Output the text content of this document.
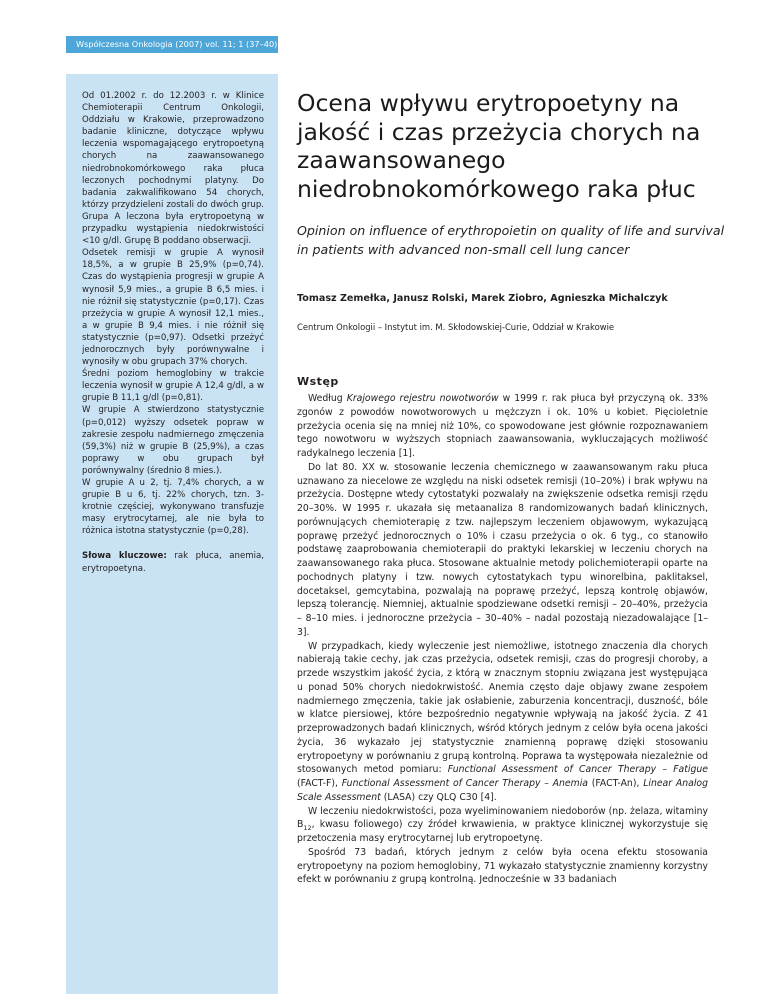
Współczesna Onkologia (2007) vol. 11; 1 (37–40)

Od 01.2002 r. do 12.2003 r. w Klinice Chemioterapii Centrum Onkologii, Oddziału w Krakowie, przeprowadzono badanie kliniczne, dotyczące wpływu leczenia wspomagającego erytropoetyną chorych na zaawansowanego niedrobnokomórkowego raka płuca leczonych pochodnymi platyny. Do badania zakwalifikowano 54 chorych, którzy przydzieleni zostali do dwóch grup. Grupa A leczona była erytropoetyną w przypadku wystąpienia niedokrwistości <10 g/dl. Grupę B poddano obserwacji.

Odsetek remisji w grupie A wynosił 18,5%, a w grupie B 25,9% (p=0,74). Czas do wystąpienia progresji w grupie A wynosił 5,9 mies., a grupie B 6,5 mies. i nie różnił się statystycznie (p=0,17). Czas przeżycia w grupie A wynosił 12,1 mies., a w grupie B 9,4 mies. i nie różnił się statystycznie (p=0,97). Odsetki przeżyć jednorocznych były porównywalne i wynosiły w obu grupach 37% chorych.

Średni poziom hemoglobiny w trakcie leczenia wynosił w grupie A 12,4 g/dl, a w grupie B 11,1 g/dl (p=0,81).

W grupie A stwierdzono statystycznie (p=0,012) wyższy odsetek popraw w zakresie zespołu nadmiernego zmęczenia (59,3%) niż w grupie B (25,9%), a czas poprawy w obu grupach był porównywalny (średnio 8 mies.).

W grupie A u 2, tj. 7,4% chorych, a w grupie B u 6, tj. 22% chorych, tzn. 3-krotnie częściej, wykonywano transfuzje masy erytrocytarnej, ale nie była to różnica istotna statystycznie (p=0,28).

Słowa kluczowe: rak płuca, anemia, erytropoetyna.

Ocena wpływu erytropoetyny na jakość i czas przeżycia chorych na zaawansowanego niedrobnokomórkowego raka płuc

Opinion on influence of erythropoietin on quality of life and survival in patients with advanced non-small cell lung cancer

Tomasz Zemełka, Janusz Rolski, Marek Ziobro, Agnieszka Michalczyk

Centrum Onkologii – Instytut im. M. Skłodowskiej-Curie, Oddział w Krakowie

Wstęp

Według Krajowego rejestru nowotworów w 1999 r. rak płuca był przyczyną ok. 33% zgonów z powodów nowotworowych u mężczyzn i ok. 10% u kobiet. Pięcioletnie przeżycia ocenia się na mniej niż 10%, co spowodowane jest głównie rozpoznawaniem tego nowotworu w wyższych stopniach zaawansowania, wykluczających możliwość radykalnego leczenia [1].

Do lat 80. XX w. stosowanie leczenia chemicznego w zaawansowanym raku płuca uznawano za niecelowe ze względu na niski odsetek remisji (10–20%) i brak wpływu na przeżycia. Dostępne wtedy cytostatyki pozwalały na zwiększenie odsetka remisji rzędu 20–30%. W 1995 r. ukazała się metaanaliza 8 randomizowanych badań klinicznych, porównujących chemioterapię z tzw. najlepszym leczeniem objawowym, wykazującą poprawę przeżyć jednorocznych o 10% i czasu przeżycia o ok. 6 tyg., co stanowiło podstawę zaaprobowania chemioterapii do praktyki lekarskiej w leczeniu chorych na zaawansowanego raka płuca. Stosowane aktualnie metody polichemioterapii oparte na pochodnych platyny i tzw. nowych cytostatykach typu winorelbina, paklitaksel, docetaksel, gemcytabina, pozwalają na poprawę przeżyć, lepszą kontrolę objawów, lepszą tolerancję. Niemniej, aktualnie spodziewane odsetki remisji – 20–40%, przeżycia – 8–10 mies. i jednoroczne przeżycia – 30–40% – nadal pozostają niezadowalające [1–3].

W przypadkach, kiedy wyleczenie jest niemożliwe, istotnego znaczenia dla chorych nabierają takie cechy, jak czas przeżycia, odsetek remisji, czas do progresji choroby, a przede wszystkim jakość życia, z którą w znacznym stopniu związana jest występująca u ponad 50% chorych niedokrwistość. Anemia często daje objawy zwane zespołem nadmiernego zmęczenia, takie jak osłabienie, zaburzenia koncentracji, duszność, bóle w klatce piersiowej, które bezpośrednio negatywnie wpływają na jakość życia. Z 41 przeprowadzonych badań klinicznych, wśród których jednym z celów była ocena jakości życia, 36 wykazało jej statystycznie znamienną poprawę dzięki stosowaniu erytropoetyny w porównaniu z grupą kontrolną. Poprawa ta występowała niezależnie od stosowanych metod pomiaru: Functional Assessment of Cancer Therapy – Fatigue (FACT-F), Functional Assessment of Cancer Therapy – Anemia (FACT-An), Linear Analog Scale Assessment (LASA) czy QLQ C30 [4].

W leczeniu niedokrwistości, poza wyeliminowaniem niedoborów (np. żelaza, witaminy $B_{12}$, kwasu foliowego) czy źródeł krwawienia, w praktyce klinicznej wykorzystuje się przetoczenia masy erytrocytarnej lub erytropoetynę.

Spośród 73 badań, których jednym z celów była ocena efektu stosowania erytropoetyny na poziom hemoglobiny, 71 wykazało statystycznie znamienny korzystny efekt w porównaniu z grupą kontrolną. Jednocześnie w 33 badaniach
